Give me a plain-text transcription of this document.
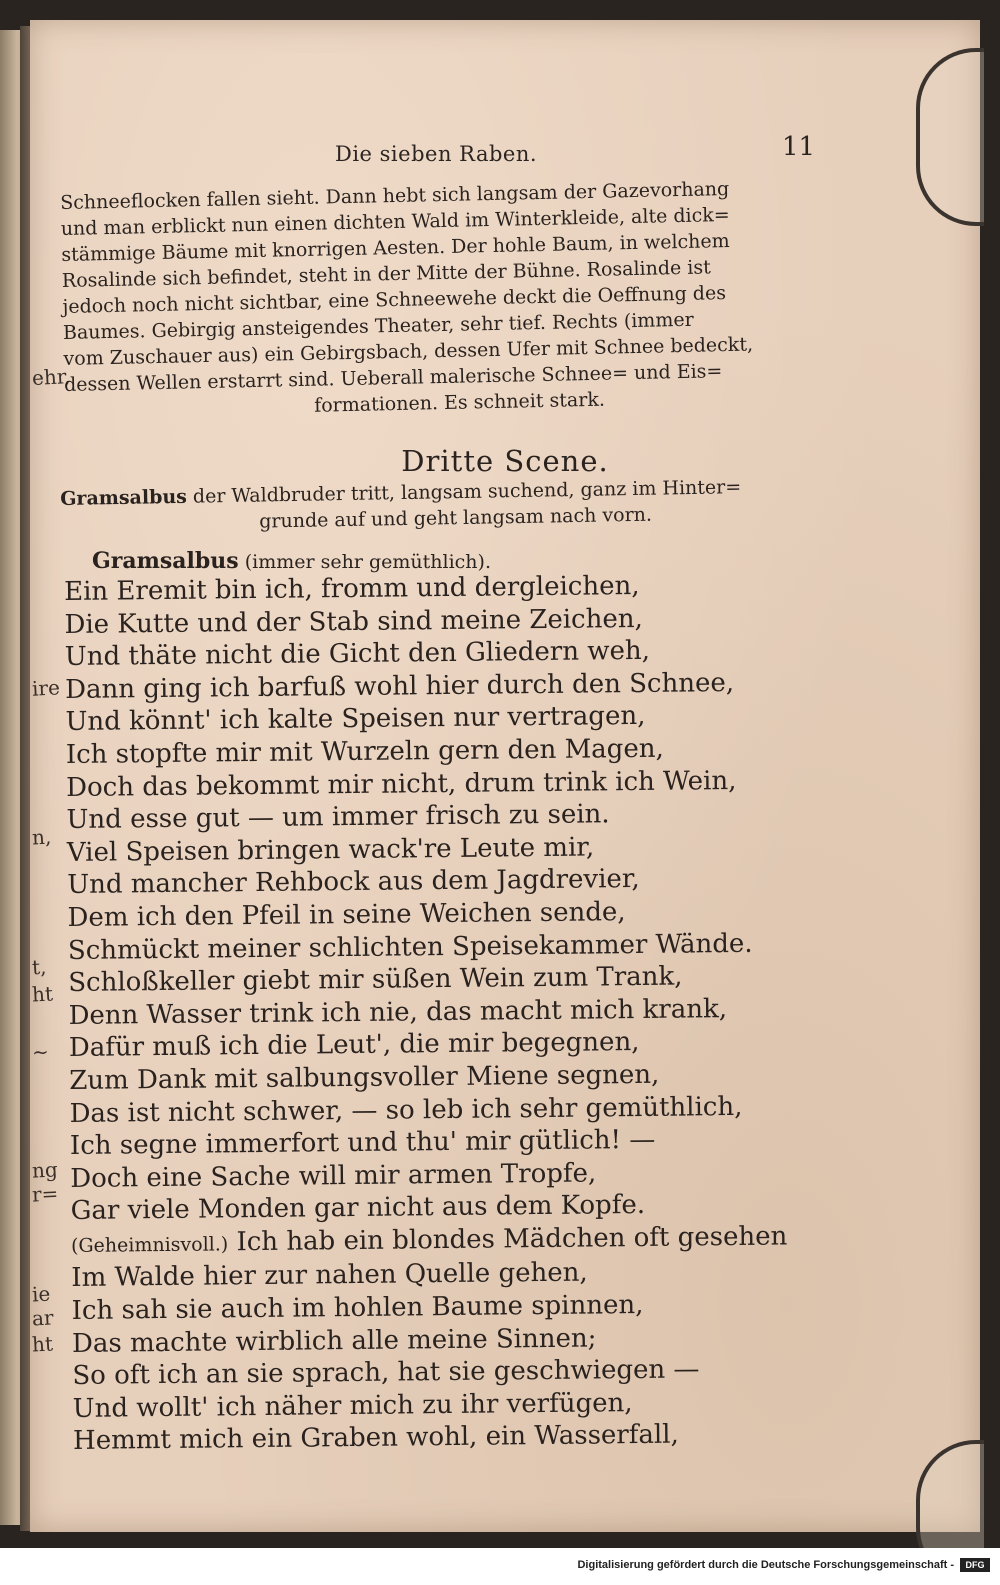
ehr,
ire
n,
t,
ht
~
ng
r=
ie
ar
ht
Die sieben Raben.	11
Schneeflocken fallen sieht. Dann hebt sich langsam der Gazevorhang
und man erblickt nun einen dichten Wald im Winterkleide, alte dick=
stämmige Bäume mit knorrigen Aesten. Der hohle Baum, in welchem
Rosalinde sich befindet, steht in der Mitte der Bühne. Rosalinde ist
jedoch noch nicht sichtbar, eine Schneewehe deckt die Oeffnung des
Baumes. Gebirgig ansteigendes Theater, sehr tief. Rechts (immer
vom Zuschauer aus) ein Gebirgsbach, dessen Ufer mit Schnee bedeckt,
dessen Wellen erstarrt sind. Ueberall malerische Schnee= und Eis=
formationen. Es schneit stark.
Dritte Scene.
Gramsalbus der Waldbruder tritt, langsam suchend, ganz im Hinter=
grunde auf und geht langsam nach vorn.
Gramsalbus (immer sehr gemüthlich).
Ein Eremit bin ich, fromm und dergleichen,
Die Kutte und der Stab sind meine Zeichen,
Und thäte nicht die Gicht den Gliedern weh,
Dann ging ich barfuß wohl hier durch den Schnee,
Und könnt' ich kalte Speisen nur vertragen,
Ich stopfte mir mit Wurzeln gern den Magen,
Doch das bekommt mir nicht, drum trink ich Wein,
Und esse gut — um immer frisch zu sein.
Viel Speisen bringen wack're Leute mir,
Und mancher Rehbock aus dem Jagdrevier,
Dem ich den Pfeil in seine Weichen sende,
Schmückt meiner schlichten Speisekammer Wände.
Schloßkeller giebt mir süßen Wein zum Trank,
Denn Wasser trink ich nie, das macht mich krank,
Dafür muß ich die Leut', die mir begegnen,
Zum Dank mit salbungsvoller Miene segnen,
Das ist nicht schwer, — so leb ich sehr gemüthlich,
Ich segne immerfort und thu' mir gütlich! —
Doch eine Sache will mir armen Tropfe,
Gar viele Monden gar nicht aus dem Kopfe.
(Geheimnisvoll.) Ich hab ein blondes Mädchen oft gesehen
Im Walde hier zur nahen Quelle gehen,
Ich sah sie auch im hohlen Baume spinnen,
Das machte wirblich alle meine Sinnen;
So oft ich an sie sprach, hat sie geschwiegen —
Und wollt' ich näher mich zu ihr verfügen,
Hemmt mich ein Graben wohl, ein Wasserfall,
Digitalisierung gefördert durch die Deutsche Forschungsgemeinschaft -	DFG
